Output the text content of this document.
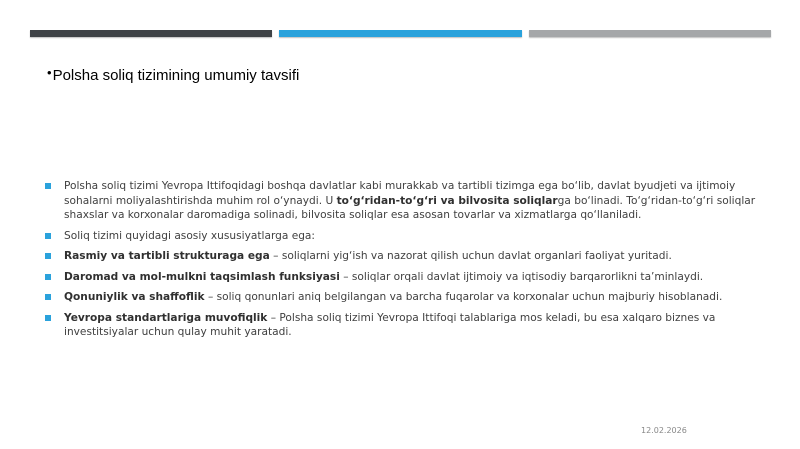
•Polsha soliq tizimining umumiy tavsifi
Polsha soliq tizimi Yevropa Ittifoqidagi boshqa davlatlar kabi murakkab va tartibli tizimga ega bo‘lib, davlat byudjeti va ijtimoiy sohalarni moliyalashtirishda muhim rol o‘ynaydi. U to‘g‘ridan-to‘g‘ri va bilvosita soliqlarga bo‘linadi. To‘g‘ridan-to‘g‘ri soliqlar shaxslar va korxonalar daromadiga solinadi, bilvosita soliqlar esa asosan tovarlar va xizmatlarga qo‘llaniladi.
Soliq tizimi quyidagi asosiy xususiyatlarga ega:
Rasmiy va tartibli strukturaga ega – soliqlarni yig‘ish va nazorat qilish uchun davlat organlari faoliyat yuritadi.
Daromad va mol-mulkni taqsimlash funksiyasi – soliqlar orqali davlat ijtimoiy va iqtisodiy barqarorlikni ta’minlaydi.
Qonuniylik va shaffoflik – soliq qonunlari aniq belgilangan va barcha fuqarolar va korxonalar uchun majburiy hisoblanadi.
Yevropa standartlariga muvofiqlik – Polsha soliq tizimi Yevropa Ittifoqi talablariga mos keladi, bu esa xalqaro biznes va investitsiyalar uchun qulay muhit yaratadi.
12.02.2026
